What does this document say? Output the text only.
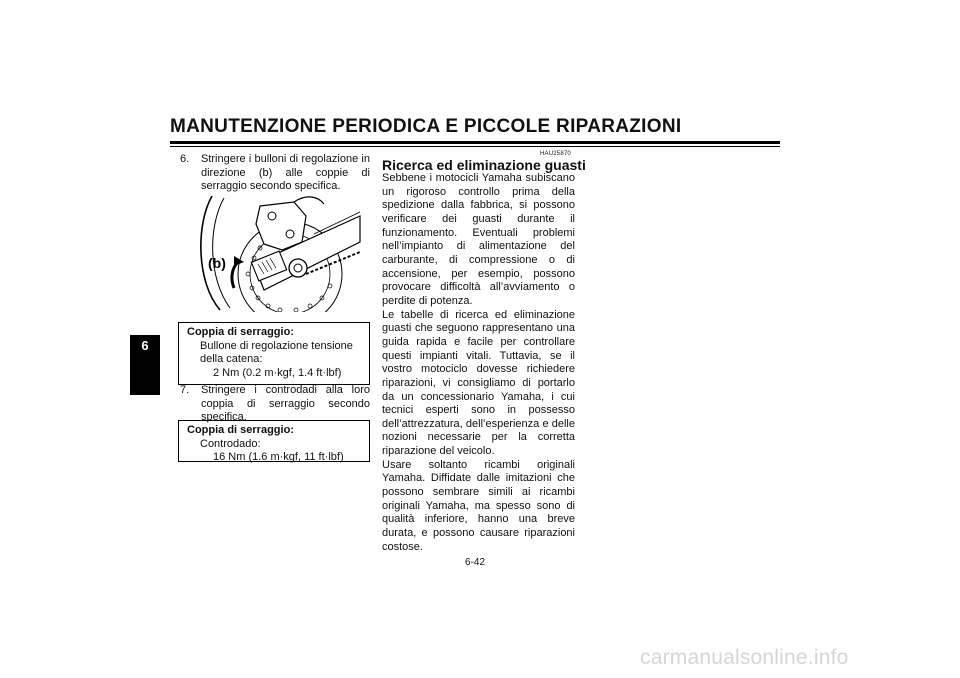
MANUTENZIONE PERIODICA E PICCOLE RIPARAZIONI
6
6.	Stringere i bulloni di regolazione in direzione (b) alle coppie di serraggio secondo specifica.
(b)
Coppia di serraggio:
Bullone di regolazione tensione della catena:
2 Nm (0.2 m·kgf, 1.4 ft·lbf)
7.	Stringere i controdadi alla loro coppia di serraggio secondo specifica.
Coppia di serraggio:
Controdado:
16 Nm (1.6 m·kgf, 11 ft·lbf)
HAU25870
Ricerca ed eliminazione guasti

Sebbene i motocicli Yamaha subiscano un rigoroso controllo prima della spedizione dalla fabbrica, si possono verificare dei guasti durante il funzionamento. Eventuali problemi nell’impianto di alimentazione del carburante, di compressione o di accensione, per esempio, possono provocare difficoltà all’avviamento o perdite di potenza.

Le tabelle di ricerca ed eliminazione guasti che seguono rappresentano una guida rapida e facile per controllare questi impianti vitali. Tuttavia, se il vostro motociclo dovesse richiedere riparazioni, vi consigliamo di portarlo da un concessionario Yamaha, i cui tecnici esperti sono in possesso dell’attrezzatura, dell’esperienza e delle nozioni necessarie per la corretta riparazione del veicolo.

Usare soltanto ricambi originali Yamaha. Diffidate dalle imitazioni che possono sembrare simili ai ricambi originali Yamaha, ma spesso sono di qualità inferiore, hanno una breve durata, e possono causare riparazioni costose.

6-42
carmanualsonline.info
